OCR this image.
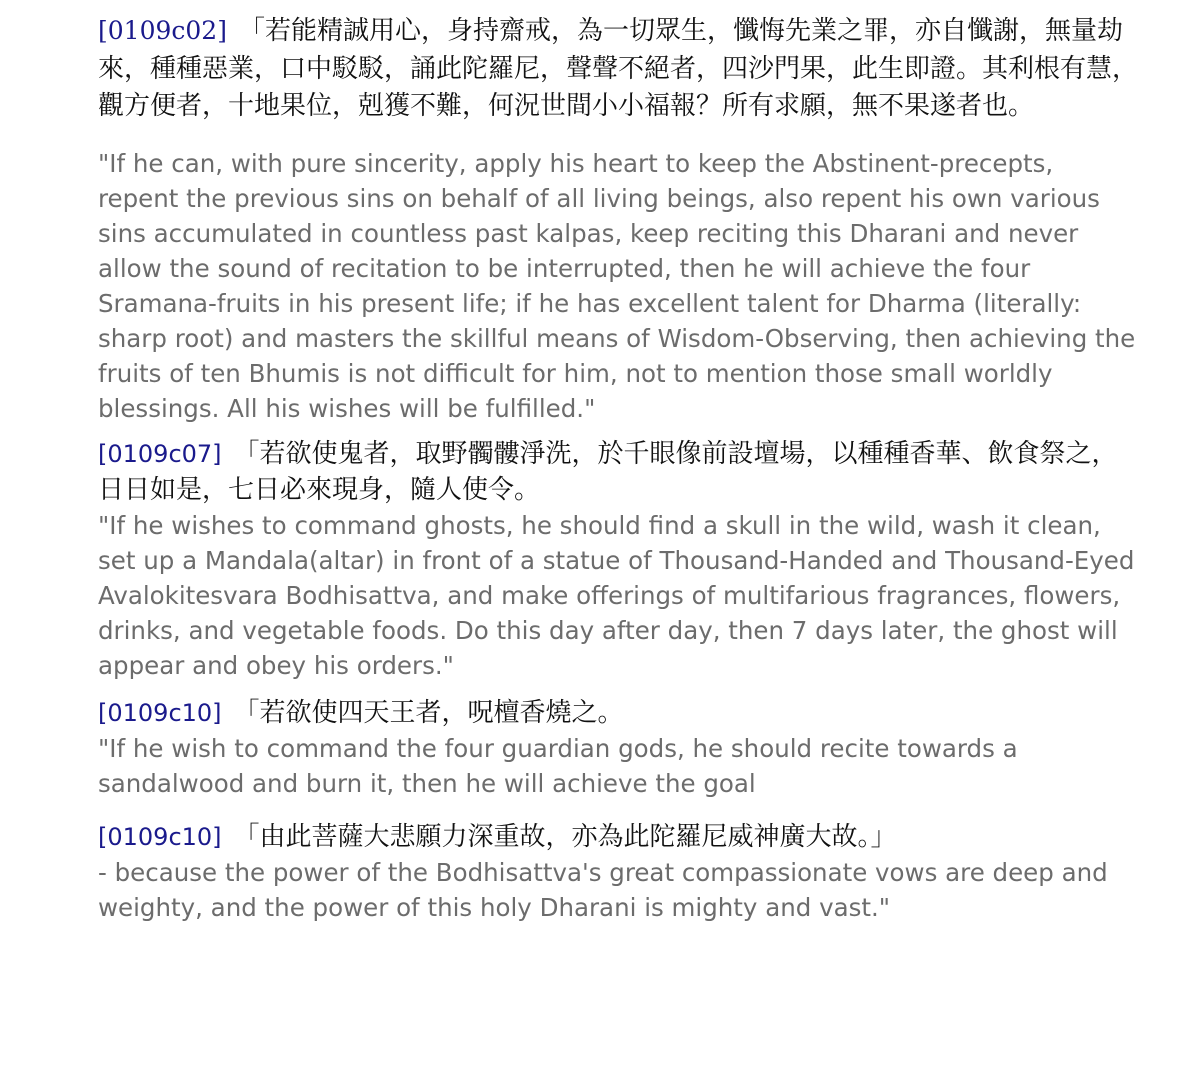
[0109c02] 「若能精誠用心，身持齋戒，為一切眾生，懺悔先業之罪，亦自懺謝，無量劫來，種種惡業，口中駁駁，誦此陀羅尼，聲聲不絕者，四沙門果，此生即證。其利根有慧，觀方便者，十地果位，剋獲不難，何況世間小小福報？所有求願，無不果遂者也。

"If he can, with pure sincerity, apply his heart to keep the Abstinent-precepts, repent the previous sins on behalf of all living beings, also repent his own various sins accumulated in countless past kalpas, keep reciting this Dharani and never allow the sound of recitation to be interrupted, then he will achieve the four Sramana-fruits in his present life; if he has excellent talent for Dharma (literally: sharp root) and masters the skillful means of Wisdom-Observing, then achieving the fruits of ten Bhumis is not difficult for him, not to mention those small worldly blessings. All his wishes will be fulfilled."

[0109c07] 「若欲使鬼者，取野髑髏淨洗，於千眼像前設壇場，以種種香華、飲食祭之，日日如是，七日必來現身，隨人使令。

"If he wishes to command ghosts, he should find a skull in the wild, wash it clean, set up a Mandala(altar) in front of a statue of Thousand-Handed and Thousand-Eyed Avalokitesvara Bodhisattva, and make offerings of multifarious fragrances, flowers, drinks, and vegetable foods. Do this day after day, then 7 days later, the ghost will appear and obey his orders."

[0109c10] 「若欲使四天王者，呪檀香燒之。

"If he wish to command the four guardian gods, he should recite towards a sandalwood and burn it, then he will achieve the goal

[0109c10] 「由此菩薩大悲願力深重故，亦為此陀羅尼威神廣大故。」

- because the power of the Bodhisattva's great compassionate vows are deep and weighty, and the power of this holy Dharani is mighty and vast."
